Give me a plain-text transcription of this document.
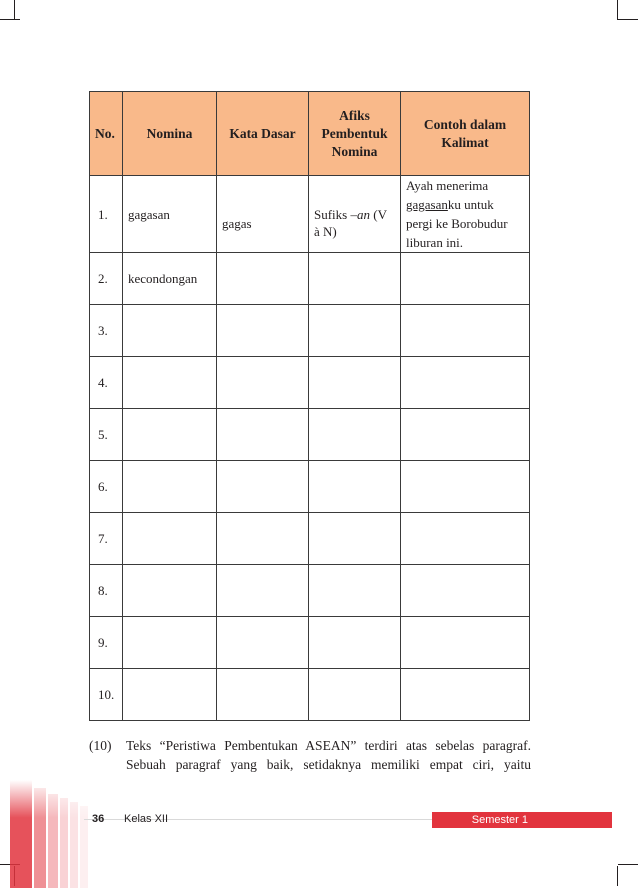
No.	Nomina	Kata Dasar	Afiks
Pembentuk
Nomina	Contoh dalam
Kalimat
1.	gagasan	gagas	Sufiks –an (V
à N)	Ayah menerima
gagasanku untuk
pergi ke Borobudur
liburan ini.
2.	kecondongan			
3.				
4.				
5.				
6.				
7.				
8.				
9.				
10.				
(10) Teks “Peristiwa Pembentukan ASEAN” terdiri atas sebelas paragraf.
Sebuah paragraf yang baik, setidaknya memiliki empat ciri, yaitu
36 Kelas XII	Semester 1
